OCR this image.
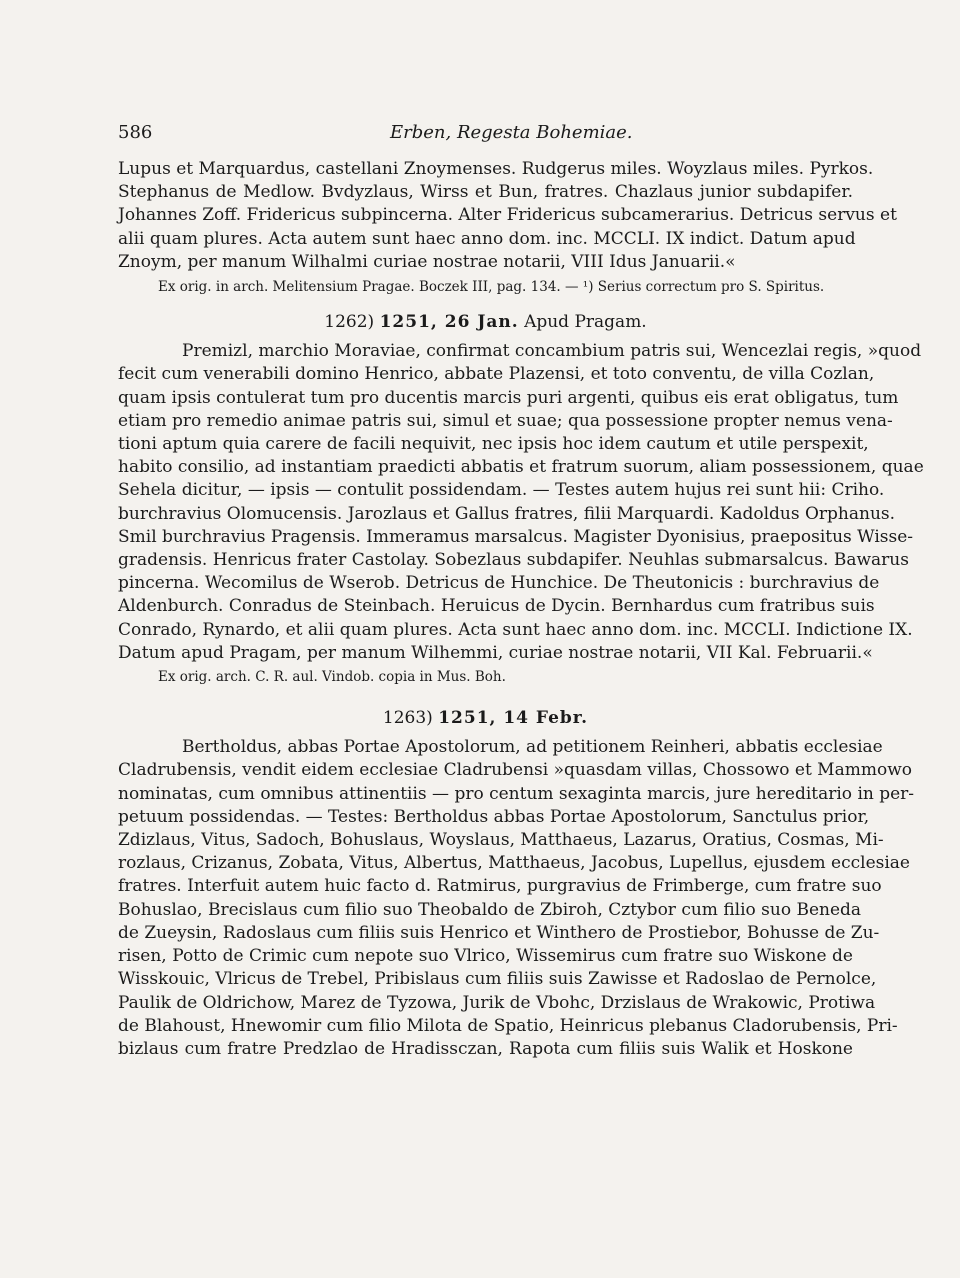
586	Erben, Regesta Bohemiae.
Lupus et Marquardus, castellani Znoymenses. Rudgerus miles. Woyzlaus miles. Pyrkos.
Stephanus de Medlow. Bvdyzlaus, Wirss et Bun, fratres. Chazlaus junior subdapifer.
Johannes Zoff. Fridericus subpincerna. Alter Fridericus subcamerarius. Detricus servus et
alii quam plures. Acta autem sunt haec anno dom. inc. MCCLI. IX indict. Datum apud
Znoym, per manum Wilhalmi curiae nostrae notarii, VIII Idus Januarii.«
Ex orig. in arch. Melitensium Pragae. Boczek III, pag. 134. — ¹) Serius correctum pro S. Spiritus.
1262) 1251, 26 Jan. Apud Pragam.
Premizl, marchio Moraviae, confirmat concambium patris sui, Wencezlai regis, »quod
fecit cum venerabili domino Henrico, abbate Plazensi, et toto conventu, de villa Cozlan,
quam ipsis contulerat tum pro ducentis marcis puri argenti, quibus eis erat obligatus, tum
etiam pro remedio animae patris sui, simul et suae; qua possessione propter nemus vena-
tioni aptum quia carere de facili nequivit, nec ipsis hoc idem cautum et utile perspexit,
habito consilio, ad instantiam praedicti abbatis et fratrum suorum, aliam possessionem, quae
Sehela dicitur, — ipsis — contulit possidendam. — Testes autem hujus rei sunt hii: Criho.
burchravius Olomucensis. Jarozlaus et Gallus fratres, filii Marquardi. Kadoldus Orphanus.
Smil burchravius Pragensis. Immeramus marsalcus. Magister Dyonisius, praepositus Wisse-
gradensis. Henricus frater Castolay. Sobezlaus subdapifer. Neuhlas submarsalcus. Bawarus
pincerna. Wecomilus de Wserob. Detricus de Hunchice. De Theutonicis : burchravius de
Aldenburch. Conradus de Steinbach. Heruicus de Dycin. Bernhardus cum fratribus suis
Conrado, Rynardo, et alii quam plures. Acta sunt haec anno dom. inc. MCCLI. Indictione IX.
Datum apud Pragam, per manum Wilhemmi, curiae nostrae notarii, VII Kal. Februarii.«
Ex orig. arch. C. R. aul. Vindob. copia in Mus. Boh.
1263) 1251, 14 Febr.
Bertholdus, abbas Portae Apostolorum, ad petitionem Reinheri, abbatis ecclesiae
Cladrubensis, vendit eidem ecclesiae Cladrubensi »quasdam villas, Chossowo et Mammowo
nominatas, cum omnibus attinentiis — pro centum sexaginta marcis, jure hereditario in per-
petuum possidendas. — Testes: Bertholdus abbas Portae Apostolorum, Sanctulus prior,
Zdizlaus, Vitus, Sadoch, Bohuslaus, Woyslaus, Matthaeus, Lazarus, Oratius, Cosmas, Mi-
rozlaus, Crizanus, Zobata, Vitus, Albertus, Matthaeus, Jacobus, Lupellus, ejusdem ecclesiae
fratres. Interfuit autem huic facto d. Ratmirus, purgravius de Frimberge, cum fratre suo
Bohuslao, Brecislaus cum filio suo Theobaldo de Zbiroh, Cztybor cum filio suo Beneda
de Zueysin, Radoslaus cum filiis suis Henrico et Winthero de Prostiebor, Bohusse de Zu-
risen, Potto de Crimic cum nepote suo Vlrico, Wissemirus cum fratre suo Wiskone de
Wisskouic, Vlricus de Trebel, Pribislaus cum filiis suis Zawisse et Radoslao de Pernolce,
Paulik de Oldrichow, Marez de Tyzowa, Jurik de Vbohc, Drzislaus de Wrakowic, Protiwa
de Blahoust, Hnewomir cum filio Milota de Spatio, Heinricus plebanus Cladorubensis, Pri-
bizlaus cum fratre Predzlao de Hradissczan, Rapota cum filiis suis Walik et Hoskone
